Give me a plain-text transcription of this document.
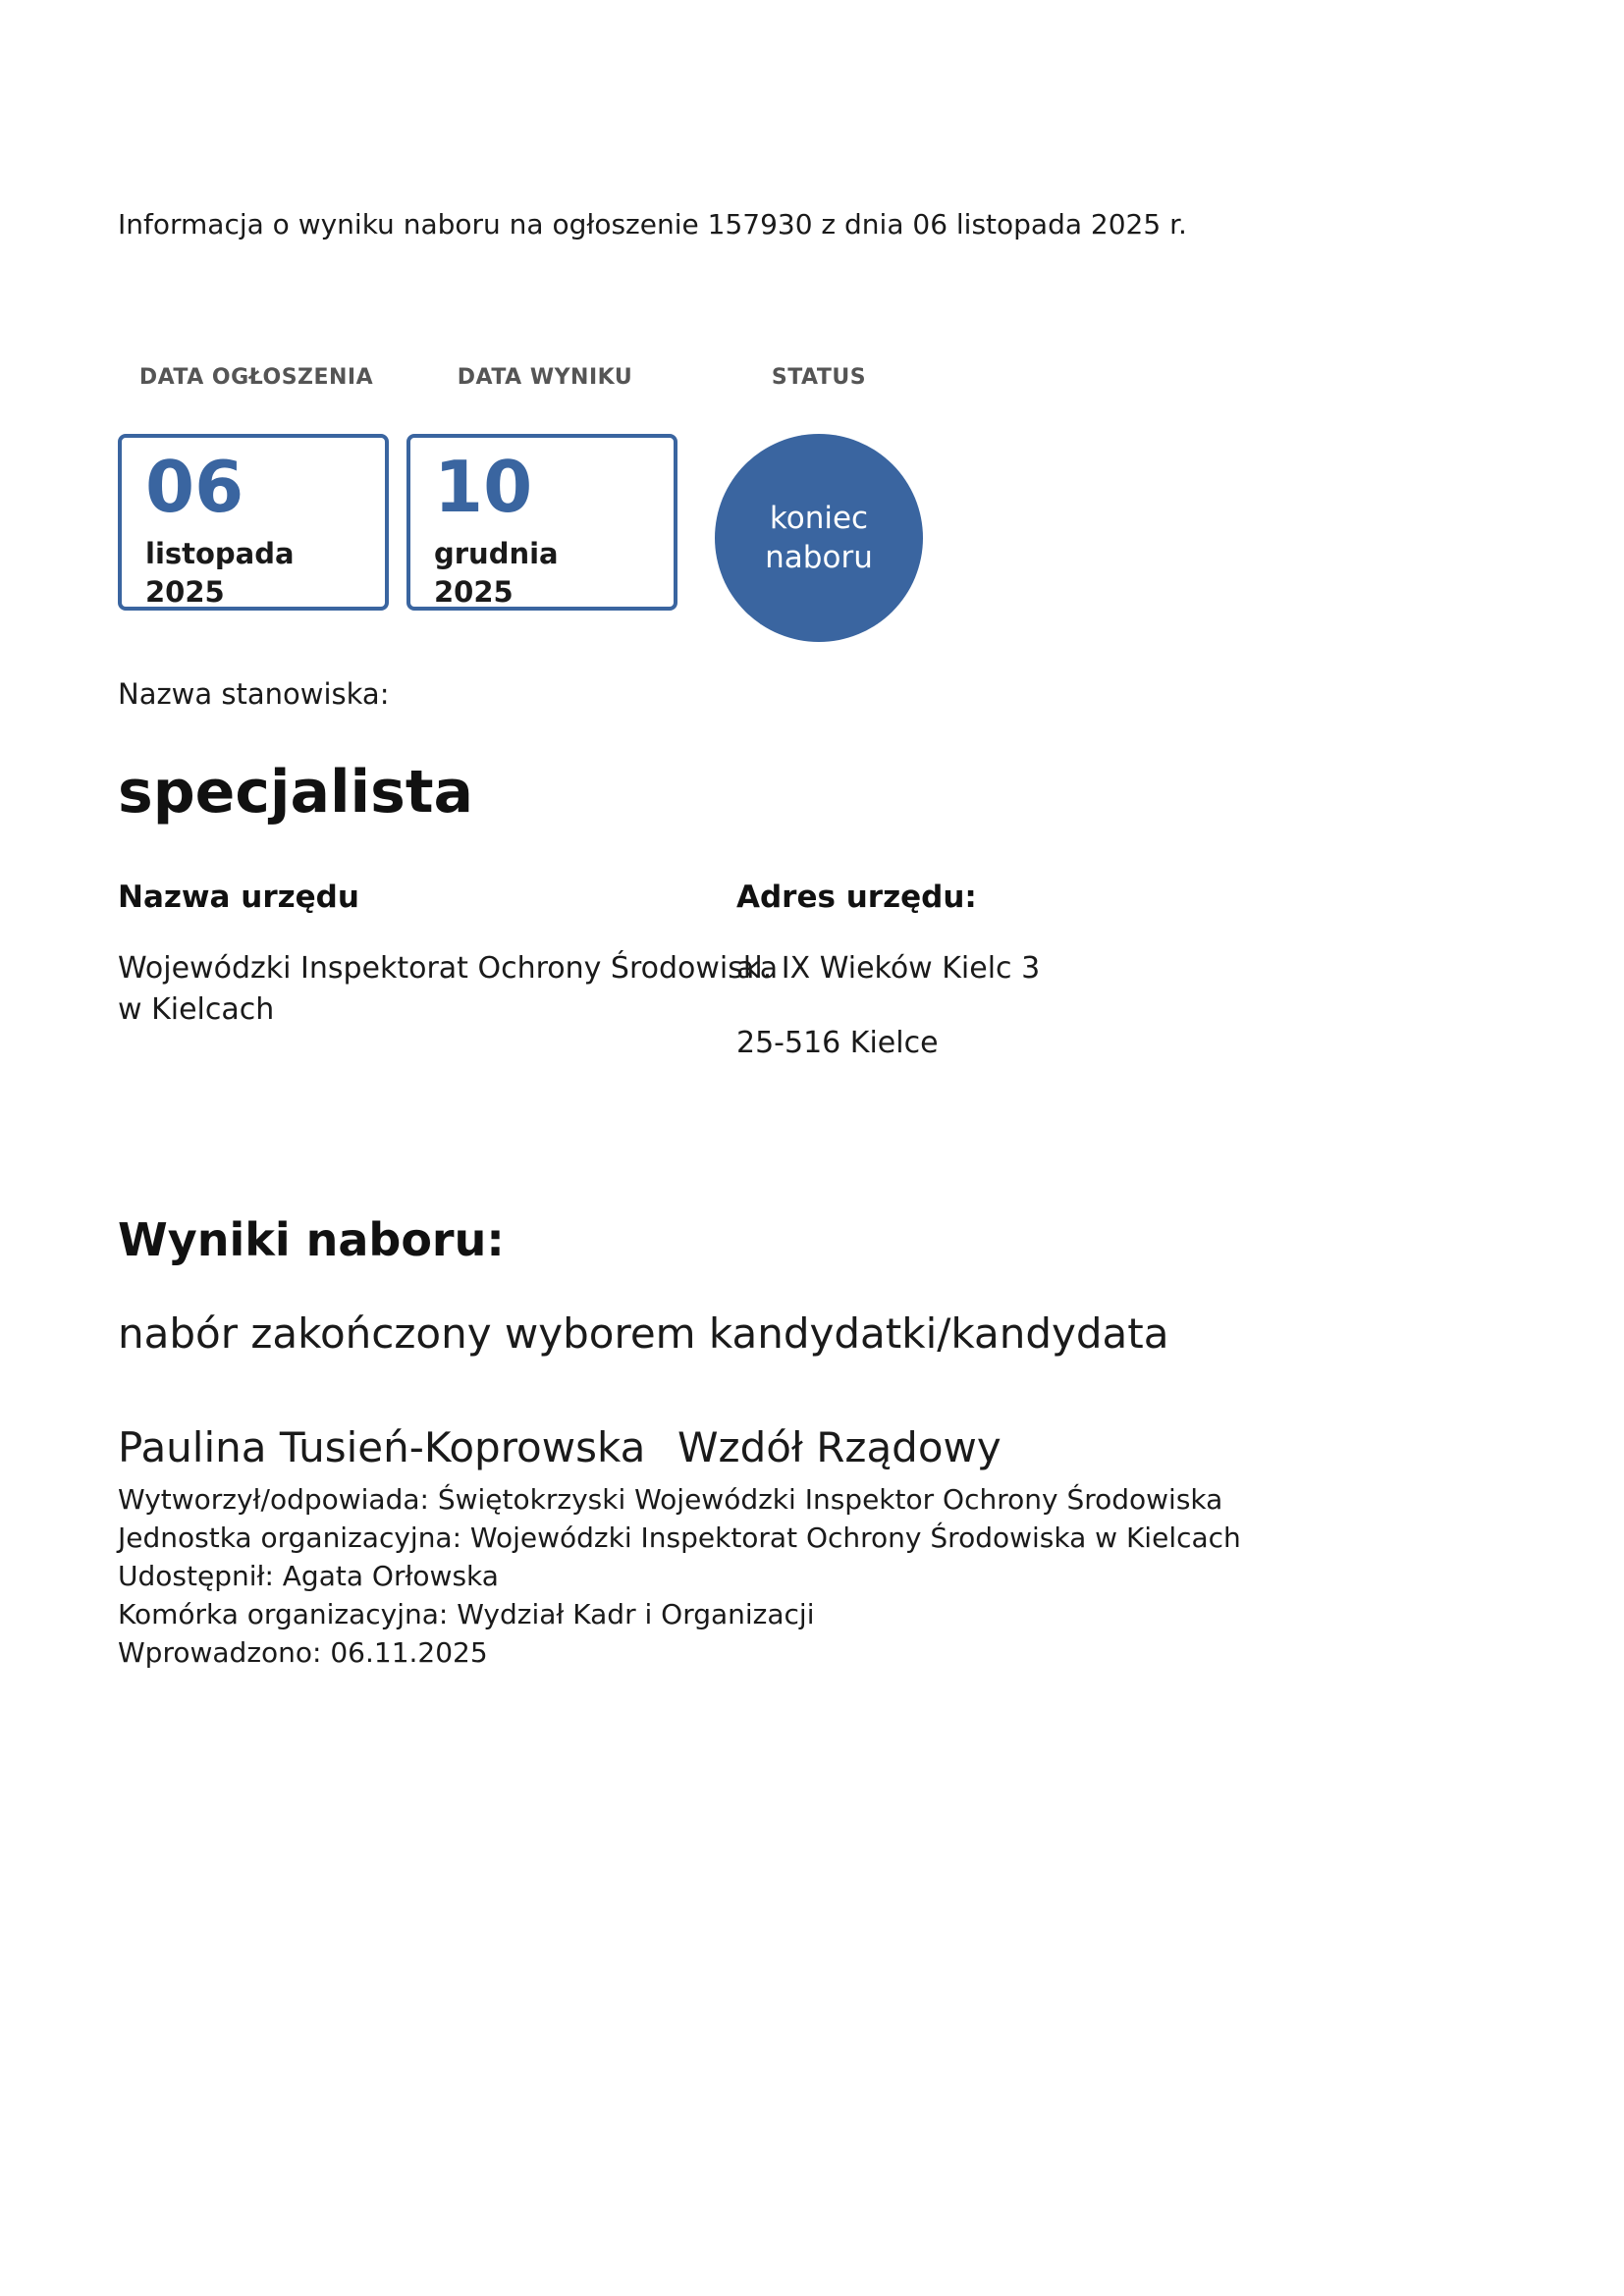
Informacja o wyniku naboru na ogłoszenie 157930 z dnia 06 listopada 2025 r.
DATA OGŁOSZENIA	DATA WYNIKU	STATUS
06
listopada
2025
10
grudnia
2025
koniec
naboru
Nazwa stanowiska:
specjalista
Nazwa urzędu	Adres urzędu:
Wojewódzki Inspektorat Ochrony Środowiska
w Kielcach
al. IX Wieków Kielc 3
25-516 Kielce
Wyniki naboru:
nabór zakończony wyborem kandydatki/kandydata
Paulina Tusień-Koprowska Wzdół Rządowy
Wytworzył/odpowiada: Świętokrzyski Wojewódzki Inspektor Ochrony Środowiska
Jednostka organizacyjna: Wojewódzki Inspektorat Ochrony Środowiska w Kielcach
Udostępnił: Agata Orłowska
Komórka organizacyjna: Wydział Kadr i Organizacji
Wprowadzono: 06.11.2025
